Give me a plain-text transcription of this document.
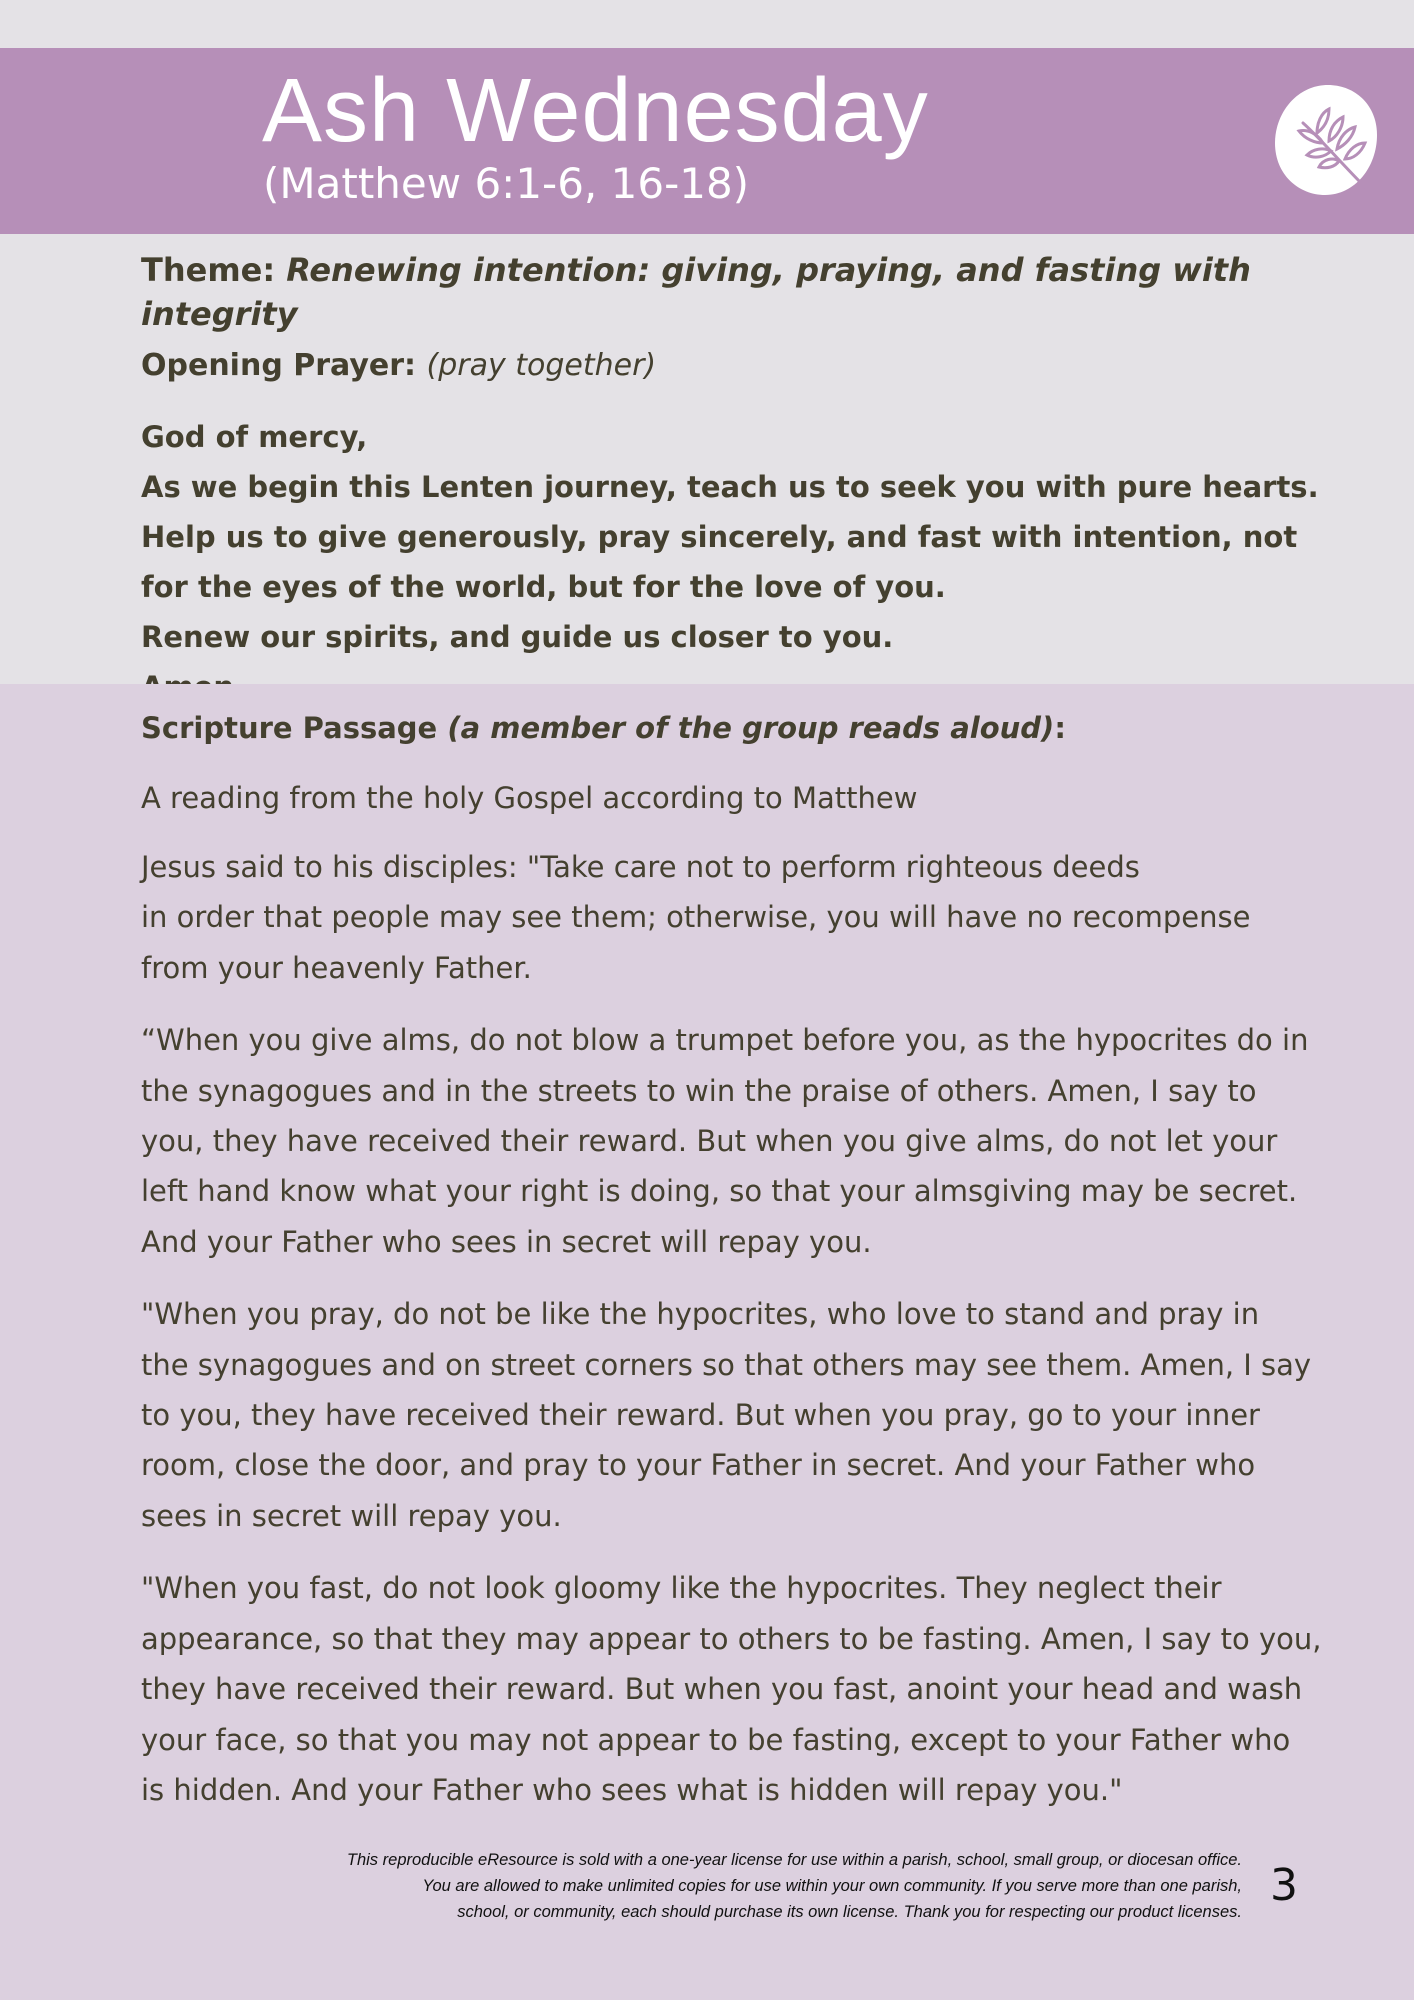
Ash Wednesday

(Matthew 6:1-6, 16-18)

Theme: Renewing intention: giving, praying, and fasting with integrity

Opening Prayer: (pray together)

God of mercy,
As we begin this Lenten journey, teach us to seek you with pure hearts.
Help us to give generously, pray sincerely, and fast with intention, not
for the eyes of the world, but for the love of you.
Renew our spirits, and guide us closer to you.

Scripture Passage (a member of the group reads aloud):

A reading from the holy Gospel according to Matthew

Jesus said to his disciples: "Take care not to perform righteous deeds
in order that people may see them; otherwise, you will have no recompense
from your heavenly Father.
“When you give alms, do not blow a trumpet before you, as the hypocrites do in
the synagogues and in the streets to win the praise of others. Amen, I say to
you, they have received their reward. But when you give alms, do not let your
left hand know what your right is doing, so that your almsgiving may be secret.
And your Father who sees in secret will repay you.
"When you pray, do not be like the hypocrites, who love to stand and pray in
the synagogues and on street corners so that others may see them. Amen, I say
to you, they have received their reward. But when you pray, go to your inner
room, close the door, and pray to your Father in secret. And your Father who
sees in secret will repay you.
"When you fast, do not look gloomy like the hypocrites. They neglect their
appearance, so that they may appear to others to be fasting. Amen, I say to you,
they have received their reward. But when you fast, anoint your head and wash
your face, so that you may not appear to be fasting, except to your Father who
is hidden. And your Father who sees what is hidden will repay you."
This reproducible eResource is sold with a one-year license for use within a parish, school, small group, or diocesan office.
You are allowed to make unlimited copies for use within your own community. If you serve more than one parish,
school, or community, each should purchase its own license. Thank you for respecting our product licenses.
3
